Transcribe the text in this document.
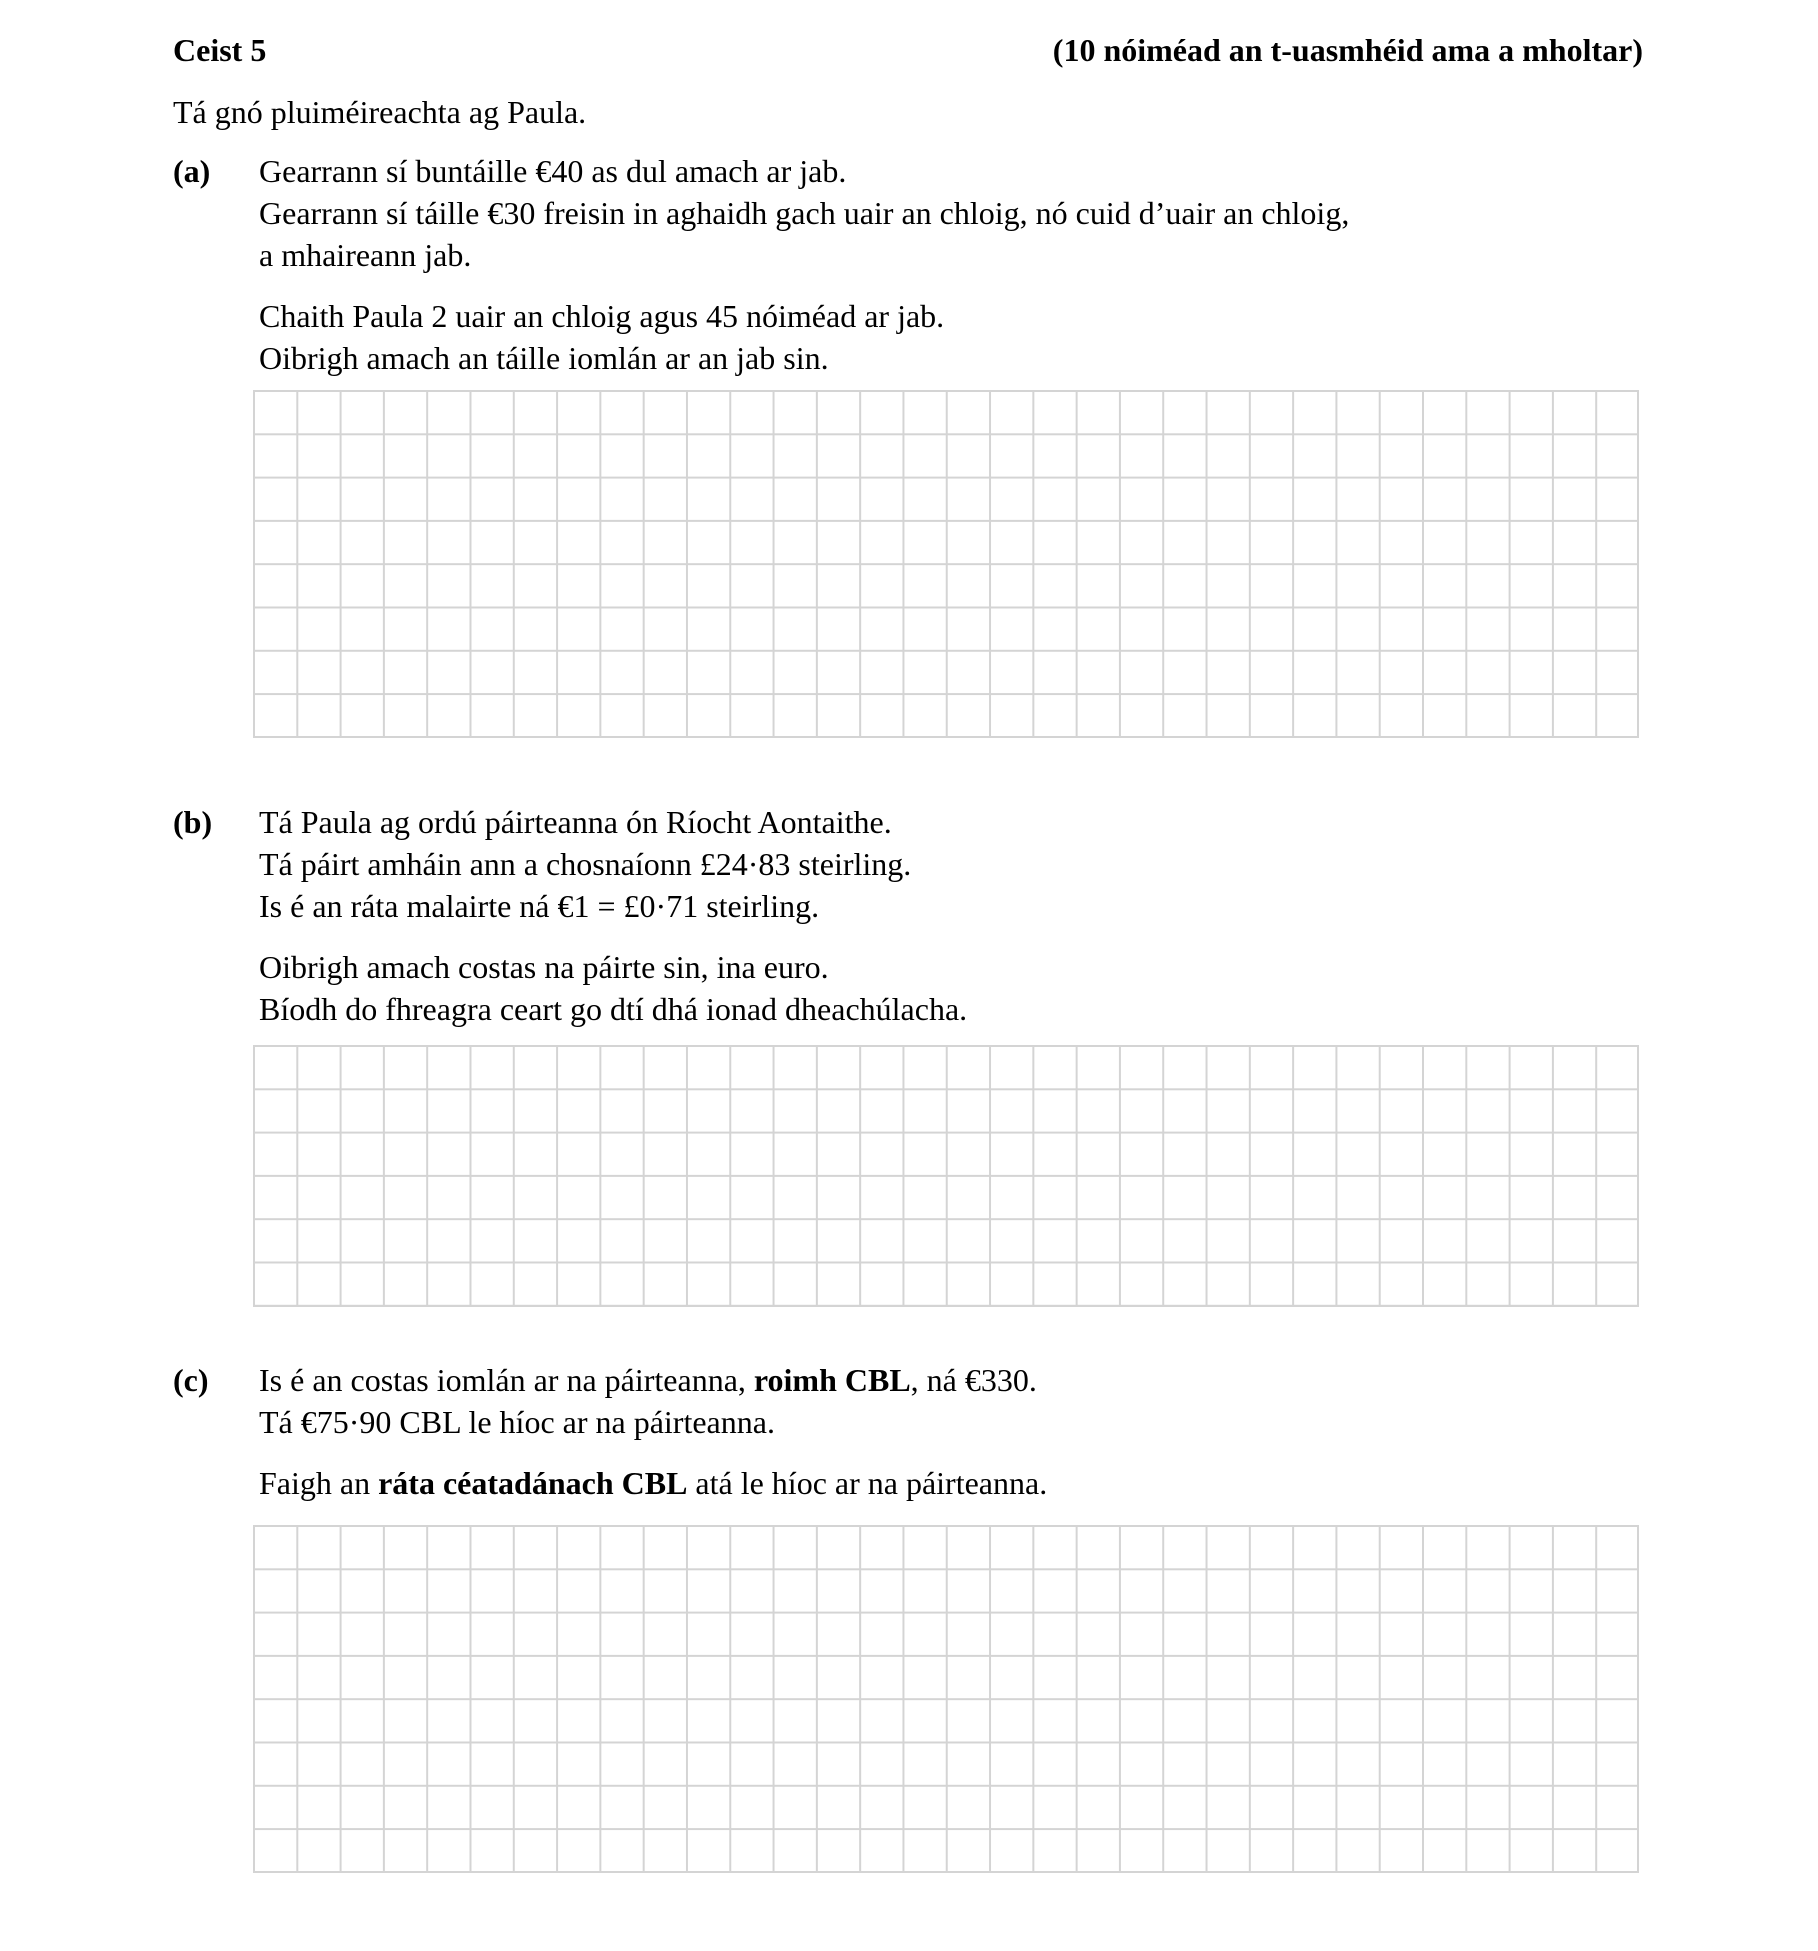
Ceist 5	(10 nóiméad an t-uasmhéid ama a mholtar)
Tá gnó pluiméireachta ag Paula.
(a) Gearrann sí buntáille €40 as dul amach ar jab.
Gearrann sí táille €30 freisin in aghaidh gach uair an chloig, nó cuid d’uair an chloig,
a mhaireann jab.
Chaith Paula 2 uair an chloig agus 45 nóiméad ar jab.
Oibrigh amach an táille iomlán ar an jab sin.
(b) Tá Paula ag ordú páirteanna ón Ríocht Aontaithe.
Tá páirt amháin ann a chosnaíonn £24·83 steirling.
Is é an ráta malairte ná €1 = £0·71 steirling.
Oibrigh amach costas na páirte sin, ina euro.
Bíodh do fhreagra ceart go dtí dhá ionad dheachúlacha.
(c) Is é an costas iomlán ar na páirteanna, roimh CBL, ná €330.
Tá €75·90 CBL le híoc ar na páirteanna.
Faigh an ráta céatadánach CBL atá le híoc ar na páirteanna.
